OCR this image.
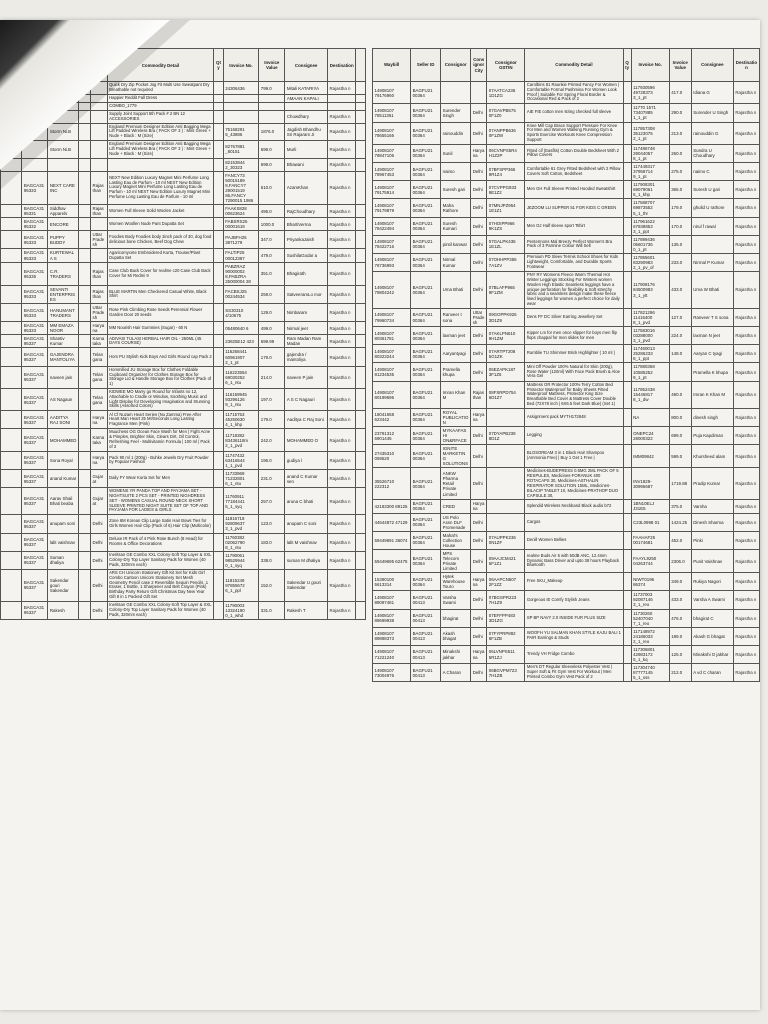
					Commodity Detail	Qty	Invoice No.	Invoice Value	Consignee	Destination	
					Quick Dry Zip Pocket Jog Fit Multi Use Sweatpant Dry Breathable not required		24306436	799.0	Mitali KATARIYA	Rajastha n	
					Happier Reddit Fall Dress				AMAAN KAPALI		
					COMBO_1779						
					Supply Joint Support 5th Pack # 2 BN 12 ACCESSORIES				Chowdhary	Rajastha n	
		Storm Ni.B			England Premium Designer Edition Anti Bagging Mega Lift Padded Wireless Bra ( PACK OF 3 ) : Mint Green + Nude + Black : M (Size)		75168291 5_43886	1876.0	Jagdish Bhandhu Sri Rajaram Ji	Rajastha n	
		Storm Ni.B			England Premium Designer Edition Anti Bagging Mega Lift Padded Wireless Bra ( PACK OF 3 ) : Mint Green + Nude + Black : M (Size)		82767881 _80151	699.0	Murli	Rajastha n	
							82153844 2_30323	699.0	Bhawani	Rajastha n	
	BAGCA31 95333	NEXT CARE INC		Rajas than	NEXT New Edition Luxury Magnet Mini Perfume Long Lasting Eau de Parfum - 10 ml NEXT New Edition Luxury Magnet Mini Perfume Long Lasting Eau de Parfum - 10 ml NEXT New Edition Luxury Magnet Mini Perfume Long Lasting Eau de Parfum - 10 ml		FANCY73 50015189 8,FANCY7 29001519 86,FANCY 7290015 1986	510.0	AzamKhan	Rajastha n	
	BAGCA31 95331	Siddhav Apparels		Rajas than	Women Full Sleeve Solid Woolen Jacket		FAAKS828 00623624	495.0	RajChoudhary	Rajastha n	
	BAGCA31 95332	ENCORE			Women Woollen Nude Pant Dupatta Set		FABSRS25 00001619	1000.0	BhartiVerma	Rajastha n	
	BAGCA31 95333	PUPPY BUDDY		Uttar Prade sh	Foodies Body Foodies body 3inch pack of 30, dog food delicious bone Chicken, Beef Dog Chew		PAJBFH25 3871279	347.0	PriyankaJaish	Rajastha n	
	BAGCA31 95333	KURTEWALA S			Agaricomycete Embroidered Kurta, Trouser/Plant Dupatta Set		FALTIP25 00012387	479.0	SushilaGodar a	Rajastha n	
	BAGCA31 95335	C.R. TRADERS		Rajas than	Case Club Back Cover for realme c20 Case Club Back Cover for Mi Redmi 9		PABZRAZ 90000002 8,PABZRA 25000004 28	351.0	Bhagirath	Rajastha n	
	BAGCA31 95333	SEVANTI ENTERPRISES		Rajas than	BLUE MARTIN Men Checkered Casual White, Black Shirt		FACBSJ25 00244534	259.0	SatveeramLo mor	Rajastha n	
	BAGCA31 95333	HANUMANT TRADERS		Uttar Prade sh	Rose Pink Climbing Rose Seeds Perennial Flower Garden Door 20 seeds		SS30310 4/10675	129.0	Nimbaram	Rajastha n	
	BAGCA31 95333	MM EMAZA NOOR		Harya na	MM Nourish Hair Gummies (Sugar) - 60 N		05480640 6	499.0	Nirmal jeet	Rajastha n	
	BAGCA31 95337	Shantiv Kumar		Karna taka	ADIVASI TULASI HERBAL HAIR OIL - 250ML (45 DAYS COURSE)		23825E12 423	699.99	Ram Madan Ram Madan	Rajastha n	
	BAGCA31 95337	GAJENDRA MANTOLIYA		Telan gana	Hom PU Stylish Kids Boys And Girls Round cap Pack 2		116268441 60961907 2_1_pt	179.0	gajendra / mantoliya	Rajastha n	
	BAGCA31 95337	naveen jain		Telan gana	Hommified JU Storage Box for Clothes Foldable Cupboard Organizer for Clothes Storage Box for Storage Lid & Handle Storage Box for Clothes (Pack of 1)		116223554 69030252 6_1_ntu	214.0	naveen P jain	Rajastha n	
	BAGCA31 95337	AS Nagaun		Telan gana	KIDWEE MO Marry go Round for Infants no 12, Attachable to Cradle or Window, Soothing Music and Light Display for Developing Imagination and Stunning Skills (Assorted Colors)		116159945 93296126 9_1_ntu	197.0	A S C Nagauri	Rajastha n	
	BAGCA31 95337	AADITYA RAJ SONI		Harya na	Al Cf Nuzam Heart Series (Nu Zamma) Free After Heart Man Heart 25 MI/Seconds Long Lasting Fragrance Men (Pink)		11715753 45250630 4_1_khp	179.0	Aaditya C Raj Soni	Rajastha n	
	BAGCA31 95337	MOHAMMED		Karna taka	Muuchess OG Ocean Face Wash for Men | Fight Acne & Pimples, Brighter Skin, Clears Dirt, Oil Control, Refreshing Feel - Multivitamin Formula | 100 ml | Pack of 3		11718382 83436118m 2_1_pvd	242.0	MOHAMMED O	Rajastha n	
	BAGCA31 95337	Sona Royal		Harya na	Pack 90 ml 1 (200g) - Buhke Jewels Dry Fruit Powder by Popular Fashion		11747432 63416544 1_1_pvd	196.0	gudiya l	Rajastha n	
	BAGCA31 95337	anand Kumar		Gujar at	Daily FY Wear Kurta Set for Men		11733969 71232801 6_1_ntu	231.0	anand C Kumar sen	Rajastha n	
	BAGCA31 95337	Aarav Shail Bhati beaba		Gujar at	WOMENS YR PANDA TOP AND PAYJAMA SET - NIGHTSUITE 2 PCS SET - PRINTED NIGHDRESS SET - WOMENS CASUAL ROUND NECK SHORT SLEEVE PRINTED NIGHT SUITE SET OF TOP AND PAYJAMA FOR LADIES & GIRLS		11760911 77184441 5_1_syq	257.0	aruna C bhati	Rajastha n	
	BAGCA31 95337	anupam soni		Delhi	Zone 6M Korean Clip Large Satin Hair Bows Ties for Girls Women Hair Clip (Pack of 6) Hair Clip (Multicolor)		11816718 92809637 3_1_pvd	123.0	anupam C soni	Rajastha n	
	BAGCA31 95337	lalit vaishnav		Delhi	Deluxe IR Pack of 4 Pink Rose Bunch (8 Head) for Rooms & Office Decorations		11760382 02062790 8_1_ntu	183.0	lalit M vaishnav	Rajastha n	
	BAGCA31 95337	Suman dhaliya		Delhi	Ineritsan GE Combo XXL Colony-Soft Top Layer & XXL Colony-Dry Top Layer Sanitary Pads for Women (40 Pads, 320mm each)		11790061 98529944 0_1_syq	338.0	suman M dhaliya	Rajastha n	
	BAGCA31 95337	Sakendar gouri Sakendar		Delhi	ARS CH Unicorn Stationery Gift Kit Set for Kids Girl Combo Cartoon Unicorn Stationery Set Mesh Geometry Pencil case 2 Reversible Sequin Pencils ,1 Eraser, 1 Bottle, 1 Sharpener and Belt Crayon (Pink) Birthday Party Return Gift Christmas Day New Year Gift 8 in 1 Packed Gift Set		11815249 97855672 6_1_ppl	152.0	Sakendar U gouri Sakendar	Rajastha n	
	BAGCA31 95337	Rakesh		Delhi	Ineritsan GE Combo XXL Colony-Soft Top Layer & XXL Colony-Dry Top Layer Sanitary Pads for Women (40 Pads, 320mm each)		11790003 13324190 0_1_whd	331.0	Rakesh T	Rajastha n	
Waybill	Seller ID	Consignor	Consignor City	Consignor GSTIN	Commodity Detail	Qty	Invoice No.	Invoice Value	Consignee	Destination
14908107 79176960	BAGFU21 00364			07AATCA236 1D1ZG	Carolbins 81 Raunkie Printed Fancy For Women | Comfortable Formal Pashmina For Women Look Proof | Suitable For Spring Floral Border & Occasional Red & Pack of 2		117930596 49728373 3_1_pt	417.0	Idiana G	Rajastha n
14908107 78511361	BAGFU21 00364	Surender Singh	Delhi	07GAVPB575 0F1Z0	AIE FIE cotton men string checked full sleeve		11770 1571 73407885 1_1_pt	290.0	Surender U Singh	Rajastha n
14908107 78655166	BAGFU21 00364	rainouddin	Delhi	07ANPPB636 0F1ZW	Knee Mill Cap Brace Support Pressure For Knee For Men and Women Walking Running Gym & Sports Exercise Workouts Knee Compression Support		117857308 35123075 2_1_pt	213.0	rainouddin G	Rajastha n
14908107 78847106	BAGFU21 00364	Sunil	Harya na	06CVNPS5R4 H1Z2P	Fitted cif (Easfits) Cotton Double Bedsheet With 2 Pillow Covers		117486748 29044057 8_1_pt	260.0	Sundra U Choudhary	Rajastha n
14908107 78967453	BAGFU21 00364	naimo	Delhi	07BFSPP365 9R1Z4	Comfortable 61 Grey Fitted Bedsheet with 2 Pillow Covers Soft Cotton, Bedsheet		117449317 37958714 9_1_pt	275.0	naimo C	Rajastha n
14908107 79175914	BAGFU21 00364	Suresh gari	Delhi	07CVPPG933 9E1Z2	Men GH Full Sleeve Printed Hooded Sweatshirt		117908301 69079061 5_1_khp	365.0	Suresh U gari	Rajastha n
14908107 79179879	BAGFU21 00364	Maha Rathore	Delhi	07MNJPZ954 1E1Z1	JEZOOM LU SUPPER 51 FOR KIDS C GREEN		117588707 69873552 5_1_thr	179.0	ghulid U rathore	Rajastha n
14908107 78422494	BAGFU21 00364	Suresh Kumari	Delhi	07HOIPP966 9K1ZS	Men OJ Half sleeve sport Tshirt		117961622 67938853 3_1_ppt	170.0	nirul f rawal	Rajastha n
14908107 78422716	BAGFU21 00364	pintil kanwar	Delhi	07GALPK436 1E1ZL	Pentermons Mal Breezy Perfect Women's Bra Pack of 3 Parmine Colour Will Sell		117899436 05601736 0_1_pt	135.0		Rajastha n
14908107 78736993	BAGFU21 00364	Nirmal Kumar	Delhi	07OHHPP355 7A1ZV	Premium PD Sleev Termis School Shoes for Kids Lightweight, Comfortable, and Durable Sports Footwear		117855601 83290983 2_1_pv_of	233.0	Nirmal P Kumar	Rajastha n
14908107 79804242	BAGFU21 00364	Uma Bhati	Delhi	07BLAFP965 9F1ZM	PNY RY Womens Fleece Warm Thermal Hot Winter Leggings Stocking For Winters women Woolen High Elastic Seamless leggings have a unique perforation for flexibility & Soft stretchy fabric and a seamless design make these fleece lined leggings for women a perfect choice for daily wear		117908176 84500983 3_1_ytt	433.0	Uma W Bhati	Rajastha n
14908107 79960734	BAGFU21 00364	Ranveer t sona	Uttar Prade sh	09GOPPK926 3D1Z9	Dens FF DC Silver Earring Jewellery Set		117821296 11416400 8_1_pvd	127.0	Ranveer T S sona	Rajastha n
14908107 80361781	BAGFU21 00364	laxman jeet	Delhi	07AKLPN610 9H1ZM	Kipper Lm for men once slipper for boys men flip flops chappal for men slides for men		117583016 03288000 3_1_pvd	224.0	laxman N jeet	Rajastha n
14908107 80323244	BAGFU21 00364	Aaryantyagi	Delhi	07ARTPT208 5G1ZK	Rumblie TU Shimmer Brick Highlighter ( 10 ml )		117460013 25286233 8_1_ppt	148.0	Aaryan C tyagi	Rajastha n
14908107 81234535	BAGFU21 00364	Pramella khupa	Delhi	06EZAPK187 3F1Z6	Mini Off Powder 100% Natural for Skin (200g), Rose Water (120ml) With Face Pack Brush & Aloe Vera Gel		117880368 10585252 9_1_pt		Pramella K khupa	Rajastha n
14908107 80199696	BAGFU21 00364	Imran Khan M	Rajas than	08FSRPD754 6D1Z7	Mattress OR Protector 100% Terry Cotton Bed Protector Waterproof for Baby Sheets Fitted Waterproof Mattress, Protector King Size Breathable Bed Cover & Mattress Cover Double Bed (72X78 inch | 6X6.5 feet Dark Blue) (Set 1)		117852438 15446817 8_1_dw	490.0	Imran K Khan M	Rajastha n
18041658 623442	BAGFU21 00364	ROYAL PUBLICATIO N	Harya na		Assignment pack MYTH172848		NA	800.0	dinesh singh	Rajastha n
23791312 6901445	BAGFU21 00364	MYKAAFASHI ON&RFACE	Delhi	07DYAPB238 8D1Z	Legging		ONEPC24 28000322	699.0	Puja Kapdiman	Rajastha n
27435310 059520	BAGFU21 00364	IGNITE MARKETING SOLUTIONS	Delhi		BLOSOREAM 3 in 1 Black Hair Shampoo (Ammonia Free) | Buy 1 Get 1 Free |		IMM09842	599.0	Khursheed alam	Rajastha n
35526710 222312	BAGFU21 00364	ANKW Pharma Retail Private Limited	Delhi		Medicines-BUDEPRESS 0.5MG 2ML PACK OF 5 RESPULES, Medicines-FORANUK 400 ROTACAPS 30, Medicines-ASTHALIN RESPIRATOR SOLUTION 15ML, Medicines-BILACIP TABLET 10, Medicines-PRATHOP DUO CAPSULE 30,		INV1829-30996687	1719.88	Pradip Kumar	Rajastha n
42183300 89125	BAGFU21 00364	CRED	Harya na		Splendid Wireless Neckband Black audio b72		1BN10ELJ J31E5	375.0	Varsha	Rajastha n
44644872 47129	BAGFU21 00364	US Polo Assn DLF Promenade	Delhi		Cargos		C23L0998 01	1424.25	Dinesh Sharma	Rajastha n
59449691 36074	BAGFU21 00364	Mahal's Collection House	Delhi	07AUPPK236 0N1ZF	Denill Women Bellies		FAAHAF25 00174681	452.0	Pinki	Rajastha n
59449695 62475	BAGFU21 00364	MPS Telecom Private Limited	Delhi	09AAJCM421 5F1Z1	realme Buds Air 5 with 50dB ANC, 12.4mm Dynamic Bass Driver and upto 38 hours Playback Bluetooth		FAAYL9250 04263744	2306.0	Punit Vaishnav	Rajastha n
15390100 5613314	BAGFU21 00364	Hytek Warehouse Touro	Harya na	06AAPCN507 2F1ZZ	Free SKU_Makeup		NIWT0196 86374	349.0	Rukiya Nagori	Rajastha n
14908107 89097481	BAGFU21 00413	Varsha Swami	Delhi	07BGSPR223 7H1Z9	Gorgeous IE Comfy Stylish Jeans		11737003 92087146 3_1_reo	433.0	Varsha A Swami	Rajastha n
14908107 89699938	BAGFU21 00413	bhagirat	Delhi	07EFFPP483 3D1ZG	SP BP NAVY 2.0 INSIDE FUR PLUS SIZE		11730260 52407040 7_1_reo	476.0	bhagirat C	Rajastha n
14908107 89898373	BAGFU21 00413	Akash bhagat	Delhi	07FYPRP892 6F1ZB	WOOFH YU SALMAN KHAN STYLE KAJU BALI 1 PAIR Earrings & Studs		117148972 24186033 2_1_reo	189.0	Akash G bhagat	Rajastha n
14908107 71221240	BAGFU21 00413	Minakshi jakhar	Harya na	06LVNPS511 5R1ZJ	Trendy VH Fridge Combo		117306801 42983172 5_1_kq	125.0	Minakshi O jakhar	Rajastha n
14908107 73004976	BAGFU21 00413	A Charan	Delhi	06BGVPM723 7H1ZB	Men's DT Regular Sleeveless Polyester Vest | Super Soft & Fit Gym Vest For Workout | Men Printed Combo Gym Vest Pack of 2		117304740 87777145 5_1_sss	212.0	A vd C charan	Rajastha n
